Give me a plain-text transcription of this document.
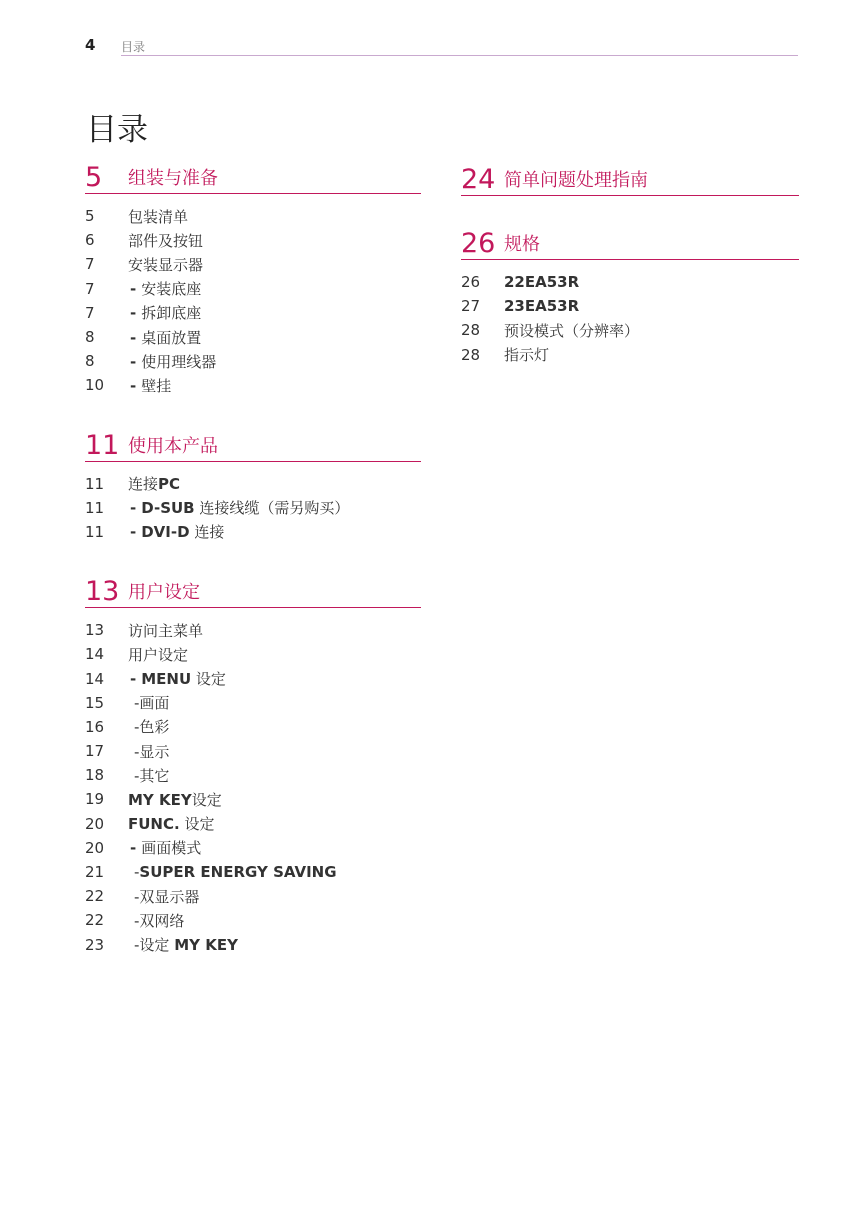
4 目录
目录
5	组装与准备
5	包装清单
6	部件及按钮
7	安装显示器
7	- 安装底座
7	- 拆卸底座
8	- 桌面放置
8	- 使用理线器
10	- 壁挂
11 使用本产品
11	连接PC
11	- D-SUB 连接线缆（需另购买）
11	- DVI-D 连接
13 用户设定
13	访问主菜单
14	用户设定
14	- MENU 设定
15	-画面
16	-色彩
17	-显示
18	-其它
19	MY KEY设定
20	FUNC. 设定
20	- 画面模式
21	-SUPER ENERGY SAVING
22	-双显示器
22	-双网络
23	-设定 MY KEY
24 简单问题处理指南
26 规格
26	22EA53R
27	23EA53R
28	预设模式（分辨率）
28	指示灯
